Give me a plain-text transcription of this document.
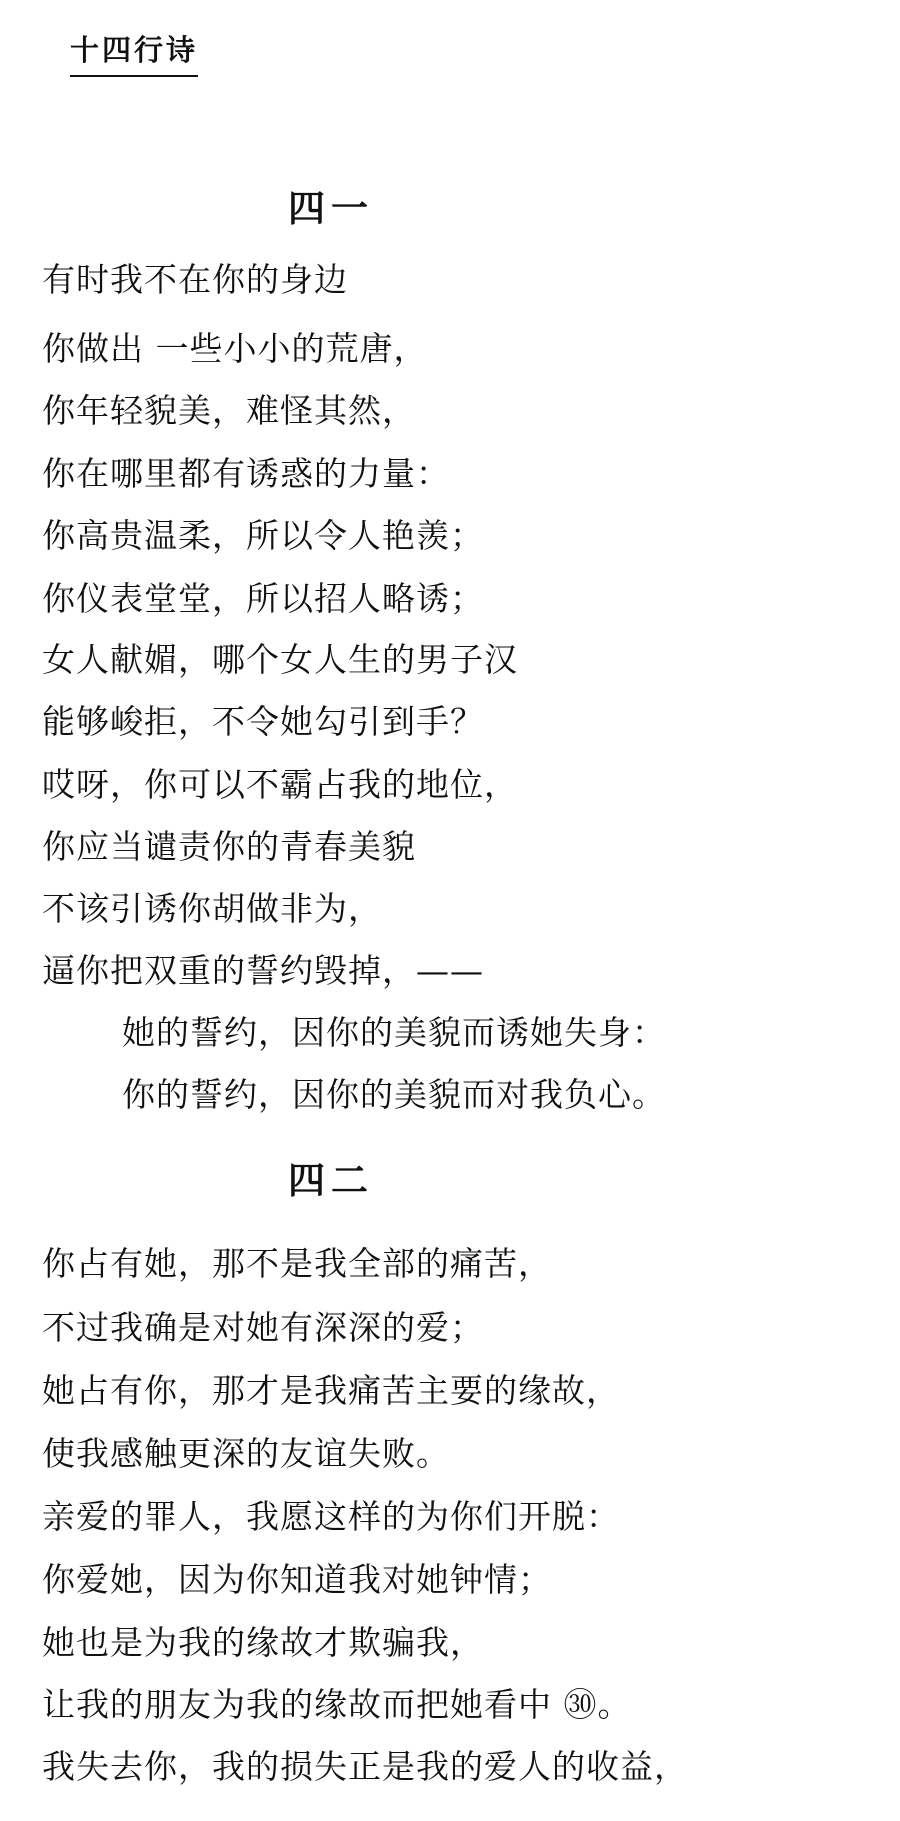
十四行诗
四一
有时我不在你的身边
你做出 一些小小的荒唐，
你年轻貌美，难怪其然，
你在哪里都有诱惑的力量：
你高贵温柔，所以令人艳羡；
你仪表堂堂，所以招人略诱；
女人献媚，哪个女人生的男子汉
能够峻拒，不令她勾引到手？
哎呀，你可以不霸占我的地位，
你应当谴责你的青春美貌
不该引诱你胡做非为，
逼你把双重的誓约毁掉，——
她的誓约，因你的美貌而诱她失身：
你的誓约，因你的美貌而对我负心。
四二
你占有她，那不是我全部的痛苦，
不过我确是对她有深深的爱；
她占有你，那才是我痛苦主要的缘故，
使我感触更深的友谊失败。
亲爱的罪人，我愿这样的为你们开脱：
你爱她，因为你知道我对她钟情；
她也是为我的缘故才欺骗我，
让我的朋友为我的缘故而把她看中 ㉚。
我失去你，我的损失正是我的爱人的收益，
